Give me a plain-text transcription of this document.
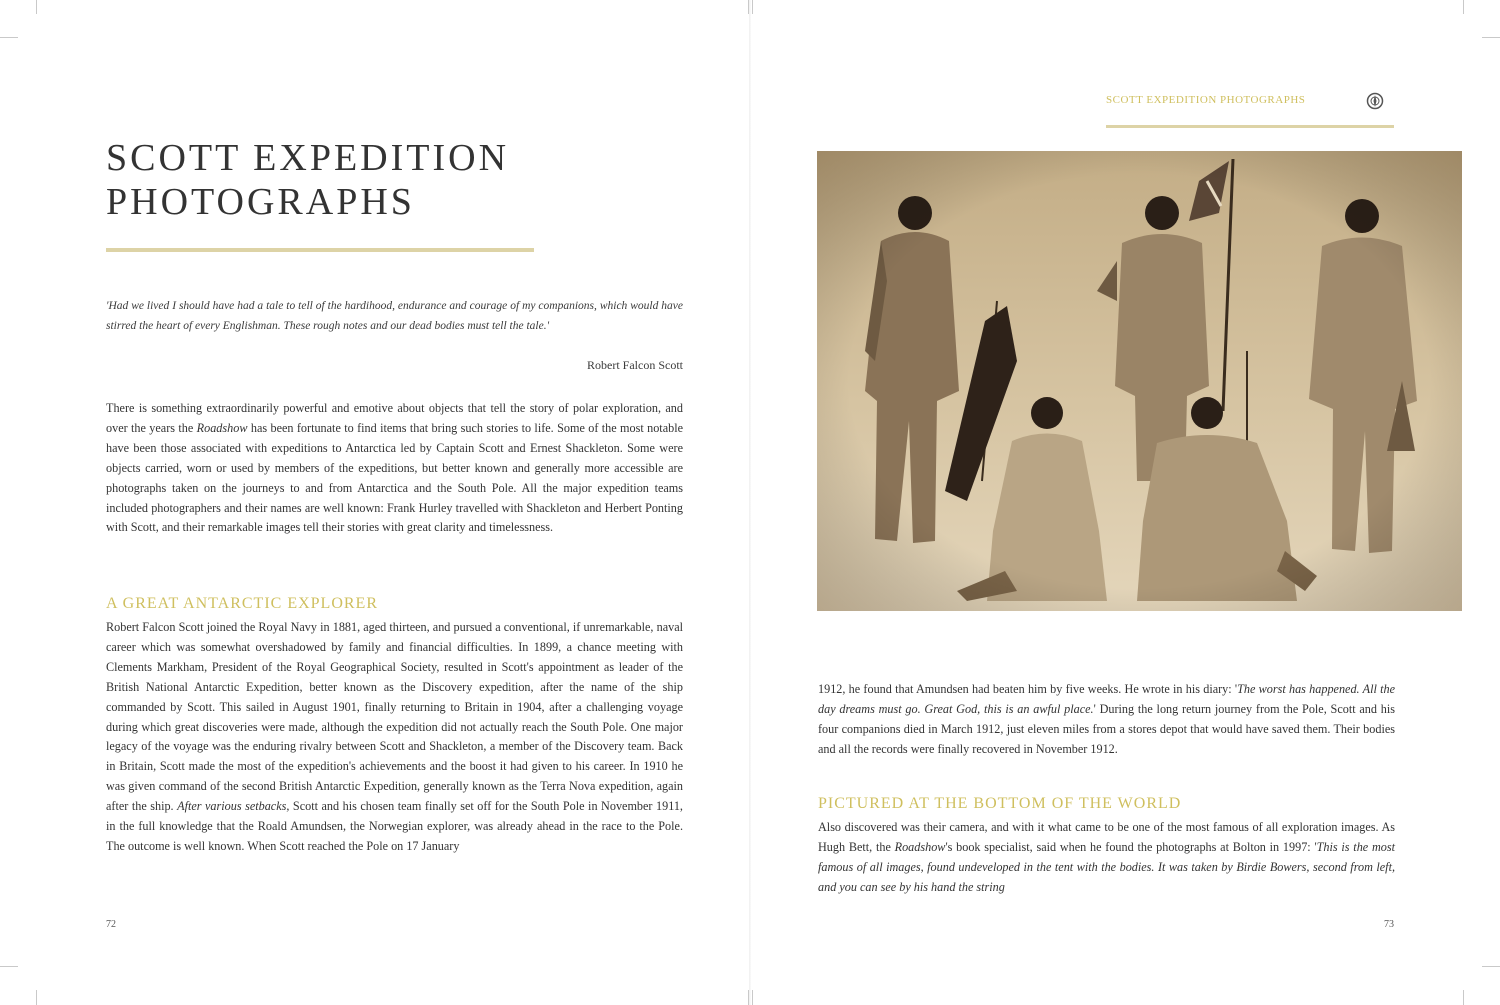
SCOTT EXPEDITION
PHOTOGRAPHS
'Had we lived I should have had a tale to tell of the hardihood, endurance and courage of my companions, which would have stirred the heart of every Englishman. These rough notes and our dead bodies must tell the tale.'
Robert Falcon Scott
There is something extraordinarily powerful and emotive about objects that tell the story of polar exploration, and over the years the Roadshow has been fortunate to find items that bring such stories to life. Some of the most notable have been those associated with expeditions to Antarctica led by Captain Scott and Ernest Shackleton. Some were objects carried, worn or used by members of the expeditions, but better known and generally more accessible are photographs taken on the journeys to and from Antarctica and the South Pole. All the major expedition teams included photographers and their names are well known: Frank Hurley travelled with Shackleton and Herbert Ponting with Scott, and their remarkable images tell their stories with great clarity and timelessness.
A GREAT ANTARCTIC EXPLORER
Robert Falcon Scott joined the Royal Navy in 1881, aged thirteen, and pursued a conventional, if unremarkable, naval career which was somewhat overshadowed by family and financial difficulties. In 1899, a chance meeting with Clements Markham, President of the Royal Geographical Society, resulted in Scott's appointment as leader of the British National Antarctic Expedition, better known as the Discovery expedition, after the name of the ship commanded by Scott. This sailed in August 1901, finally returning to Britain in 1904, after a challenging voyage during which great discoveries were made, although the expedition did not actually reach the South Pole. One major legacy of the voyage was the enduring rivalry between Scott and Shackleton, a member of the Discovery team. Back in Britain, Scott made the most of the expedition's achievements and the boost it had given to his career. In 1910 he was given command of the second British Antarctic Expedition, generally known as the Terra Nova expedition, again after the ship. After various setbacks, Scott and his chosen team finally set off for the South Pole in November 1911, in the full knowledge that the Roald Amundsen, the Norwegian explorer, was already ahead in the race to the Pole. The outcome is well known. When Scott reached the Pole on 17 January
72
SCOTT EXPEDITION PHOTOGRAPHS
1912, he found that Amundsen had beaten him by five weeks. He wrote in his diary: 'The worst has happened. All the day dreams must go. Great God, this is an awful place.' During the long return journey from the Pole, Scott and his four companions died in March 1912, just eleven miles from a stores depot that would have saved them. Their bodies and all the records were finally recovered in November 1912.
PICTURED AT THE BOTTOM OF THE WORLD
Also discovered was their camera, and with it what came to be one of the most famous of all exploration images. As Hugh Bett, the Roadshow's book specialist, said when he found the photographs at Bolton in 1997: 'This is the most famous of all images, found undeveloped in the tent with the bodies. It was taken by Birdie Bowers, second from left, and you can see by his hand the string
73
